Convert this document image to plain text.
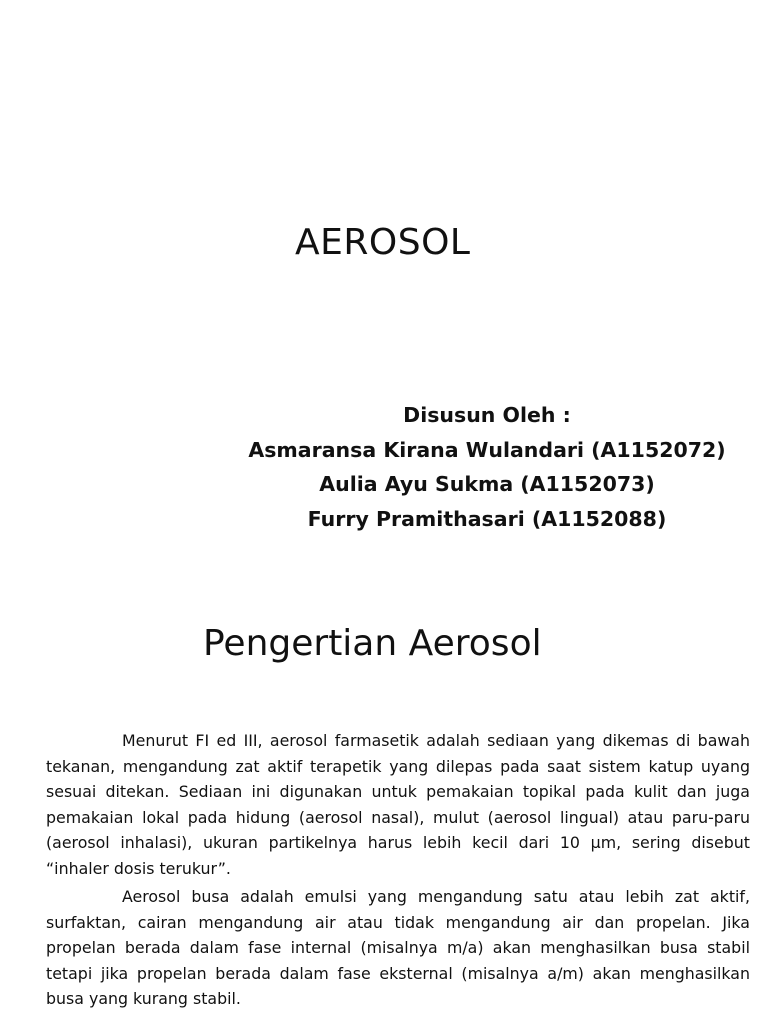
AEROSOL
Disusun Oleh :
Asmaransa Kirana Wulandari (A1152072)
Aulia Ayu Sukma (A1152073)
Furry Pramithasari (A1152088)
Pengertian Aerosol

Menurut FI ed III, aerosol farmasetik adalah sediaan yang dikemas di bawah tekanan, mengandung zat aktif terapetik yang dilepas pada saat sistem katup uyang sesuai ditekan. Sediaan ini digunakan untuk pemakaian topikal pada kulit dan juga pemakaian lokal pada hidung (aerosol nasal), mulut (aerosol lingual) atau paru-paru (aerosol inhalasi), ukuran partikelnya harus lebih kecil dari 10 µm, sering disebut “inhaler dosis terukur”.

Aerosol busa adalah emulsi yang mengandung satu atau lebih zat aktif, surfaktan, cairan mengandung air atau tidak mengandung air dan propelan. Jika propelan berada dalam fase internal (misalnya m/a) akan menghasilkan busa stabil tetapi jika propelan berada dalam fase eksternal (misalnya a/m) akan menghasilkan busa yang kurang stabil.
